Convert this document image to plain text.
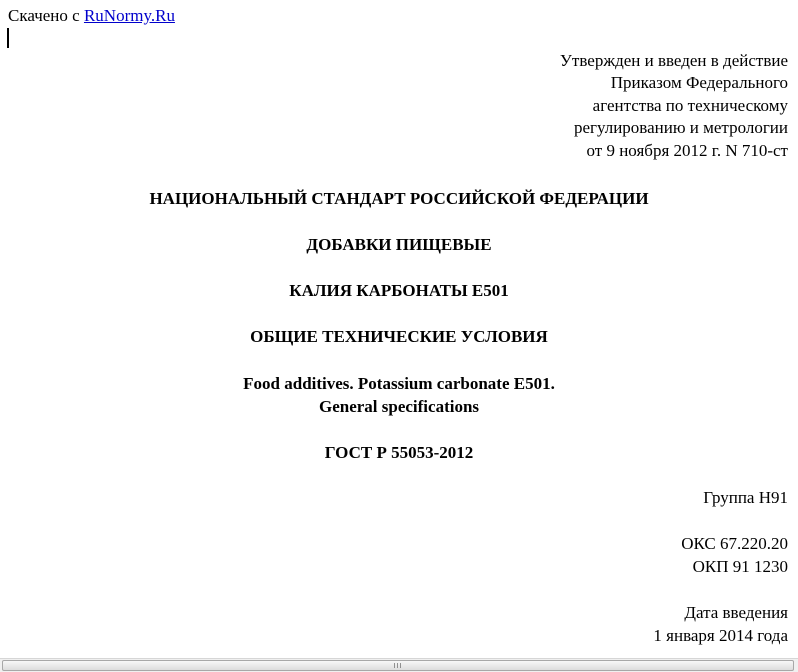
Скачено с RuNormy.Ru
Утвержден и введен в действие
Приказом Федерального
агентства по техническому
регулированию и метрологии
от 9 ноября 2012 г. N 710-ст
НАЦИОНАЛЬНЫЙ СТАНДАРТ РОССИЙСКОЙ ФЕДЕРАЦИИ
ДОБАВКИ ПИЩЕВЫЕ
КАЛИЯ КАРБОНАТЫ E501
ОБЩИЕ ТЕХНИЧЕСКИЕ УСЛОВИЯ
Food additives. Potassium carbonate E501.
General specifications
ГОСТ Р 55053-2012
Группа H91
ОКС 67.220.20
ОКП 91 1230
Дата введения
1 января 2014 года
III
